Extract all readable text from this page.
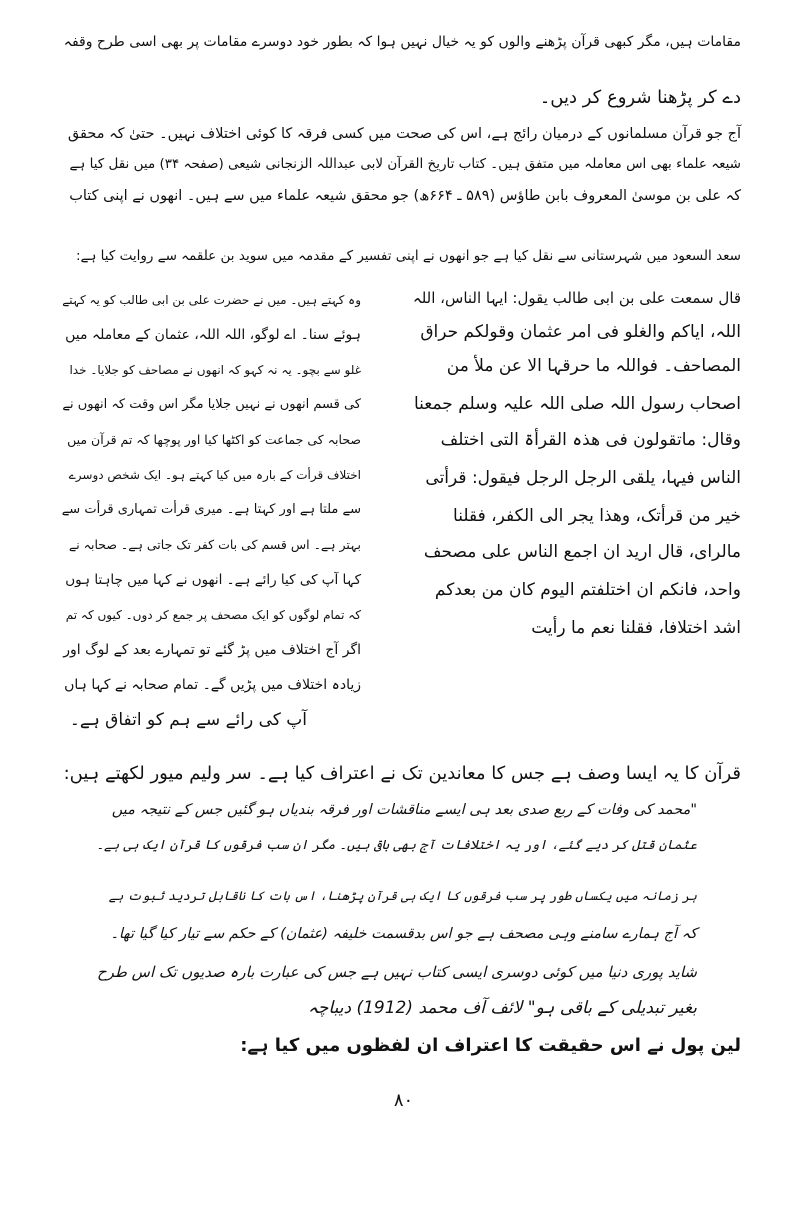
مقامات ہیں، مگر کبھی قرآن پڑھنے والوں کو یہ خیال نہیں ہوا کہ بطور خود دوسرے مقامات پر بھی اسی طرح وقفہ
دے کر پڑھنا شروع کر دیں۔
آج جو قرآن مسلمانوں کے درمیان رائج ہے، اس کی صحت میں کسی فرقہ کا کوئی اختلاف نہیں۔ حتیٰ کہ محقق
شیعہ علماء بھی اس معاملہ میں متفق ہیں۔ کتاب تاریخ القرآن لابی عبداللہ الزنجانی شیعی (صفحہ ۳۴) میں نقل کیا ہے
کہ علی بن موسیٰ المعروف بابن طاؤس (۵۸۹ ـ ۶۶۴ھ) جو محقق شیعہ علماء میں سے ہیں۔ انھوں نے اپنی کتاب
سعد السعود میں شہرستانی سے نقل کیا ہے جو انھوں نے اپنی تفسیر کے مقدمہ میں سوید بن علقمہ سے روایت کیا ہے:
قال سمعت علی بن ابی طالب یقول: ایہا الناس، اللہ
اللہ، ایاکم والغلو فی امر عثمان وقولکم حراق
المصاحف۔ فواللہ ما حرقہا الا عن ملأ من
اصحاب رسول اللہ صلی اللہ علیہ وسلم جمعنا
وقال: ماتقولون فی ھذہ القرأۃ التی اختلف
الناس فیہا، یلقی الرجل الرجل فیقول: قرأتی
خیر من قرأتک، وھذا یجر الی الکفر، فقلنا
مالرای، قال ارید ان اجمع الناس علی مصحف
واحد، فانکم ان اختلفتم الیوم کان من بعدکم
اشد اختلافا، فقلنا نعم ما رأیت
وہ کہتے ہیں۔ میں نے حضرت علی بن ابی طالب کو یہ کہتے
ہوئے سنا۔ اے لوگو، اللہ اللہ، عثمان کے معاملہ میں
غلو سے بچو۔ یہ نہ کہو کہ انھوں نے مصاحف کو جلایا۔ خدا
کی قسم انھوں نے نہیں جلایا مگر اس وقت کہ انھوں نے
صحابہ کی جماعت کو اکٹھا کیا اور پوچھا کہ تم قرآن میں
اختلاف قرأت کے بارہ میں کیا کہتے ہو۔ ایک شخص دوسرے
سے ملتا ہے اور کہتا ہے۔ میری قرأت تمہاری قرأت سے
بہتر ہے۔ اس قسم کی بات کفر تک جاتی ہے۔ صحابہ نے
کہا آپ کی کیا رائے ہے۔ انھوں نے کہا میں چاہتا ہوں
کہ تمام لوگوں کو ایک مصحف پر جمع کر دوں۔ کیوں کہ تم
اگر آج اختلاف میں پڑ گئے تو تمہارے بعد کے لوگ اور
زیادہ اختلاف میں پڑیں گے۔ تمام صحابہ نے کہا ہاں
آپ کی رائے سے ہم کو اتفاق ہے۔
قرآن کا یہ ایسا وصف ہے جس کا معاندین تک نے اعتراف کیا ہے۔ سر ولیم میور لکھتے ہیں:
"محمد کی وفات کے ربع صدی بعد ہی ایسے مناقشات اور فرقہ بندیاں ہو گئیں جس کے نتیجہ میں
عثمان قتل کر دیے گئے، اور یہ اختلافات آج بھی باقی ہیں۔ مگر ان سب فرقوں کا قرآن ایک ہی ہے۔
ہر زمانہ میں یکساں طور پر سب فرقوں کا ایک ہی قرآن پڑھنا، اس بات کا ناقابل تردید ثبوت ہے
کہ آج ہمارے سامنے وہی مصحف ہے جو اس بدقسمت خلیفہ (عثمان) کے حکم سے تیار کیا گیا تھا۔
شاید پوری دنیا میں کوئی دوسری ایسی کتاب نہیں ہے جس کی عبارت بارہ صدیوں تک اس طرح
بغیر تبدیلی کے باقی ہو" لائف آف محمد (1912) دیباچہ
لین پول نے اس حقیقت کا اعتراف ان لفظوں میں کیا ہے:
۸۰
